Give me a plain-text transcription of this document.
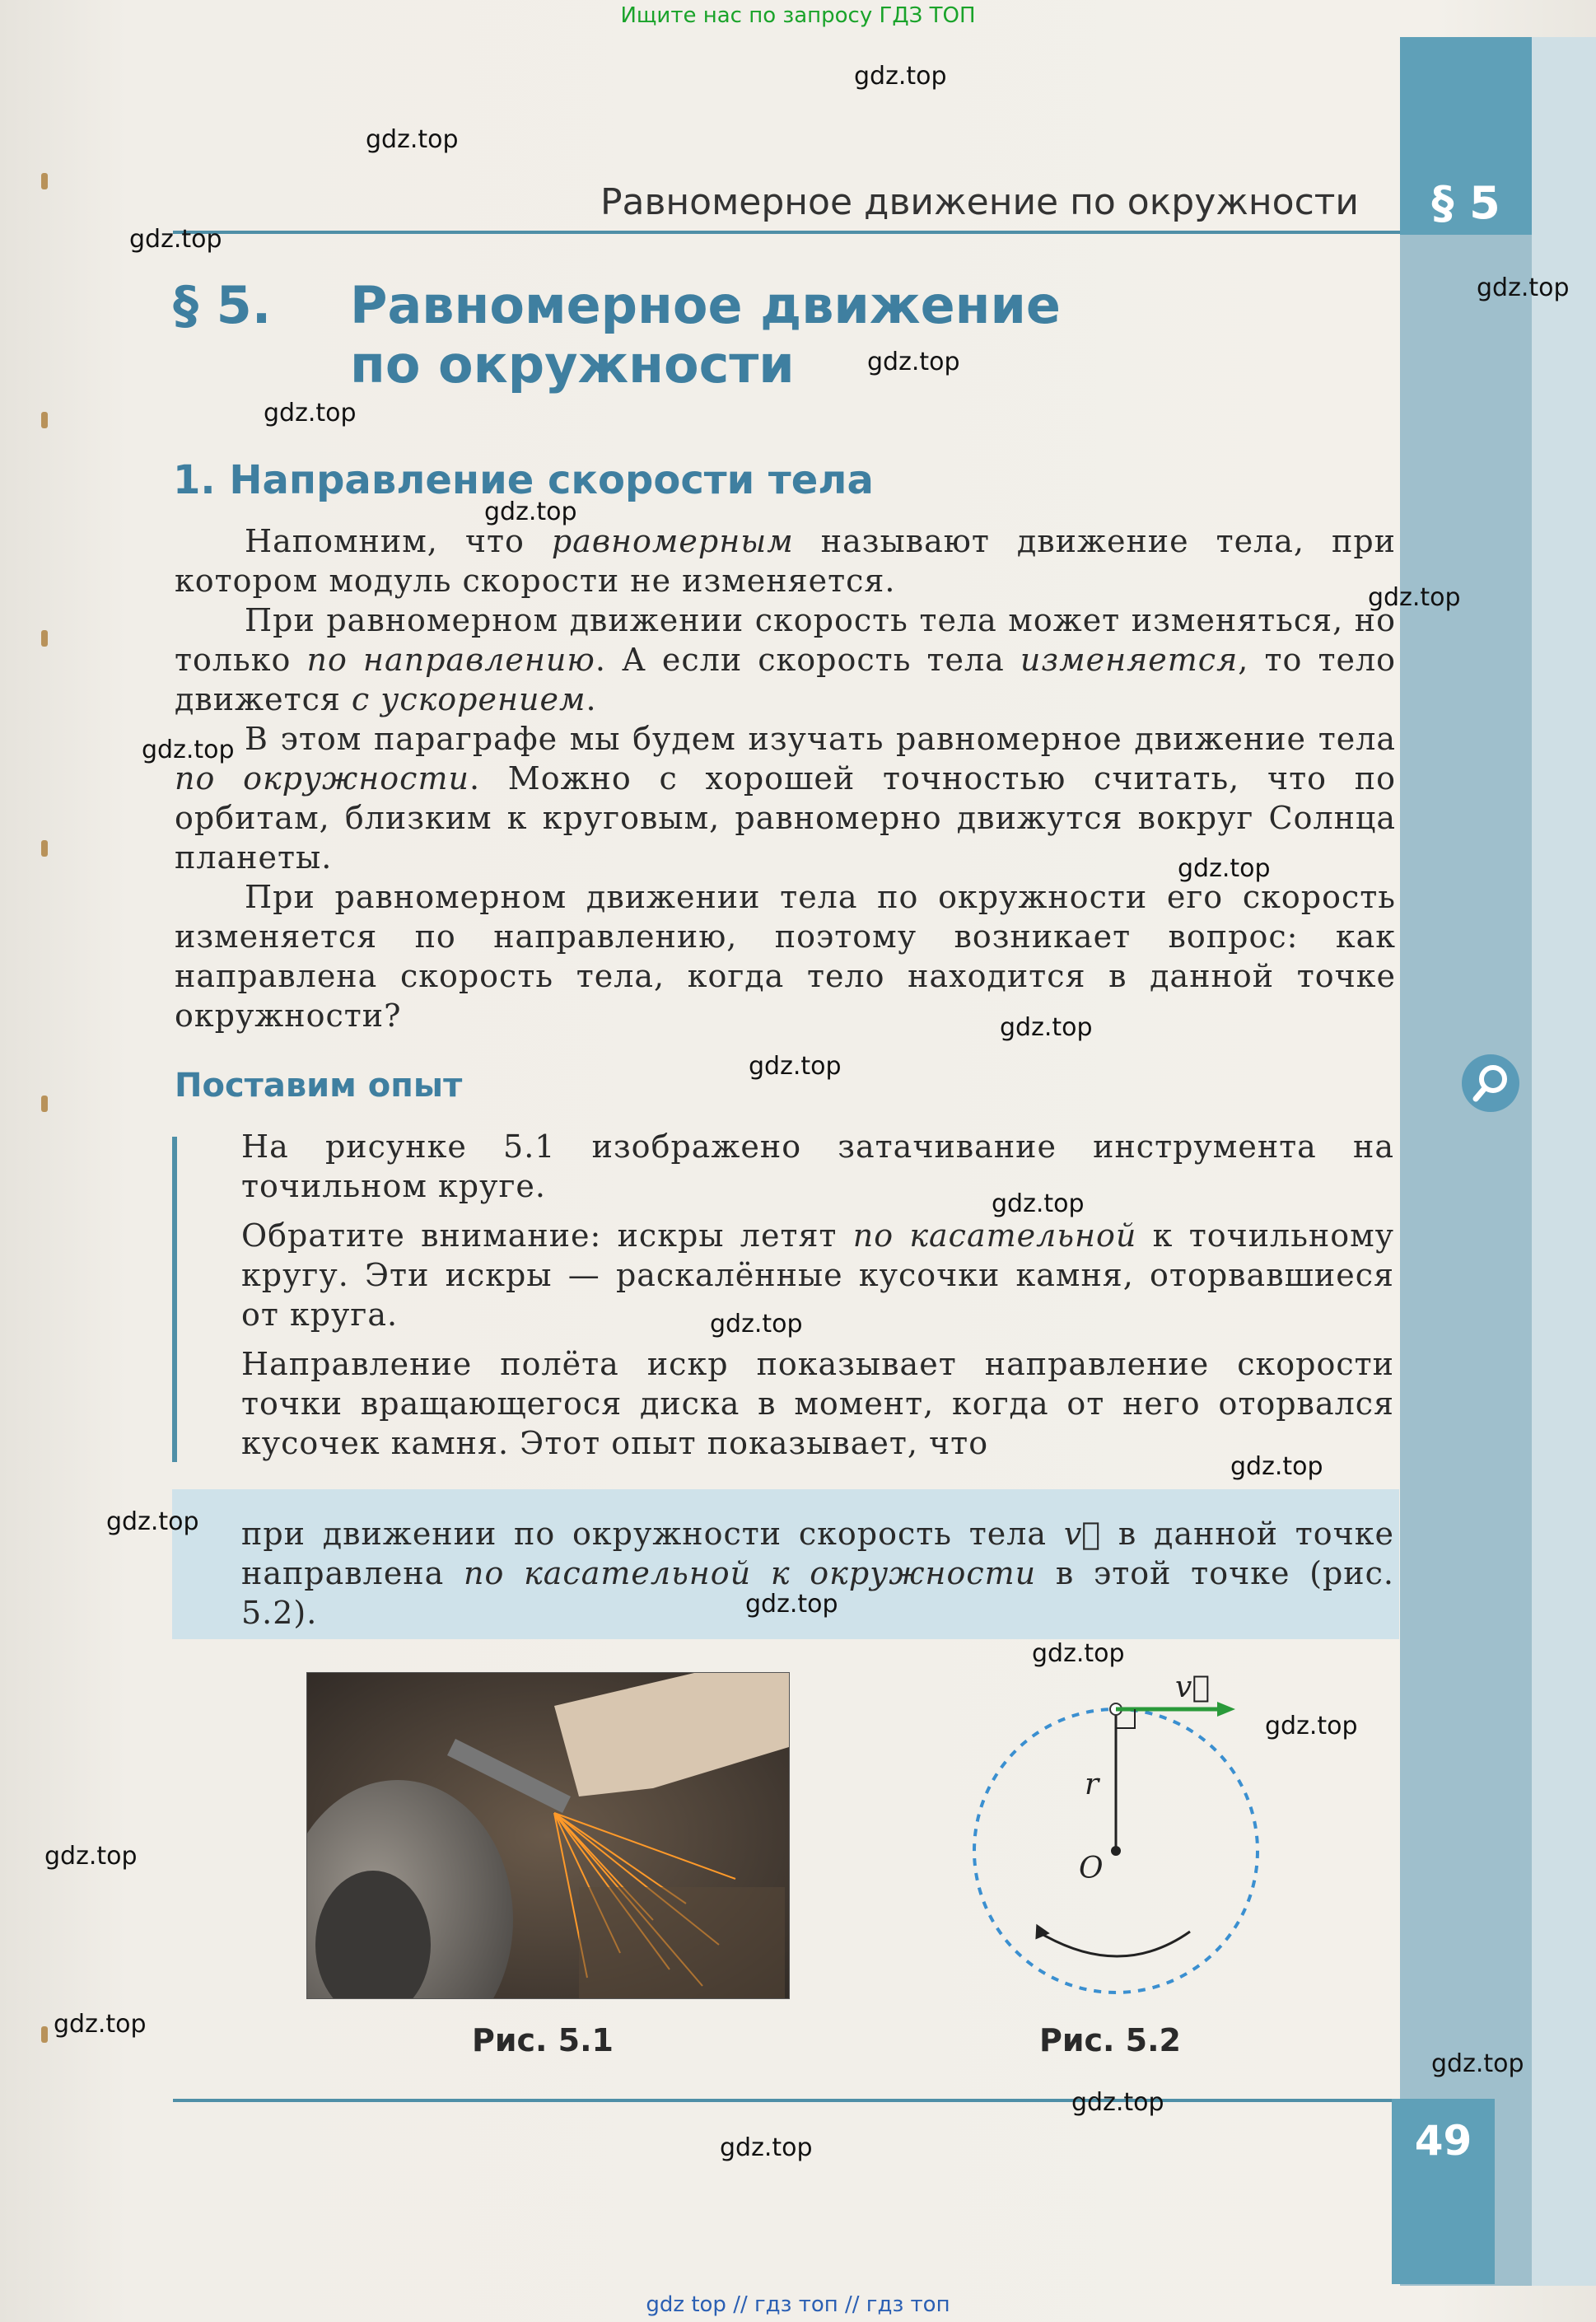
Ищите нас по запросу ГДЗ ТОП
§ 5
Равномерное движение по окружности
§ 5. Равномерное движение
по окружности
1. Направление скорости тела

Напомним, что равномерным называют движение тела, при котором модуль скорости не изменяется.

При равномерном движении скорость тела может изменяться, но только по направлению. А если скорость тела изменяется, то тело движется с ускорением.

В этом параграфе мы будем изучать равномерное движение тела по окружности. Можно с хорошей точностью считать, что по орбитам, близким к круговым, равномерно движутся вокруг Солнца планеты.

При равномерном движении тела по окружности его скорость изменяется по направлению, поэтому возникает вопрос: как направлена скорость тела, когда тело находится в данной точке окружности?

Поставим опыт

На рисунке 5.1 изображено затачивание инструмента на точильном круге.

Обратите внимание: искры летят по касательной к точильному кругу. Эти искры — раскалённые кусочки камня, оторвавшиеся от круга.

Направление полёта искр показывает направление скорости точки вращающегося диска в момент, когда от него оторвался кусочек камня. Этот опыт показывает, что

при движении по окружности скорость тела v⃗ в данной точке направлена по касательной к окружности в этой точке (рис. 5.2).
Рис. 5.1
v⃗
r
O
Рис. 5.2
49
gdz.top
gdz.top
gdz.top
gdz.top
gdz.top
gdz.top
gdz.top
gdz.top
gdz.top
gdz.top
gdz.top
gdz.top
gdz.top
gdz.top
gdz.top
gdz.top
gdz.top
gdz.top
gdz.top
gdz.top
gdz.top
gdz.top
gdz.top
gdz.top
gdz top // гдз топ // гдз топ
